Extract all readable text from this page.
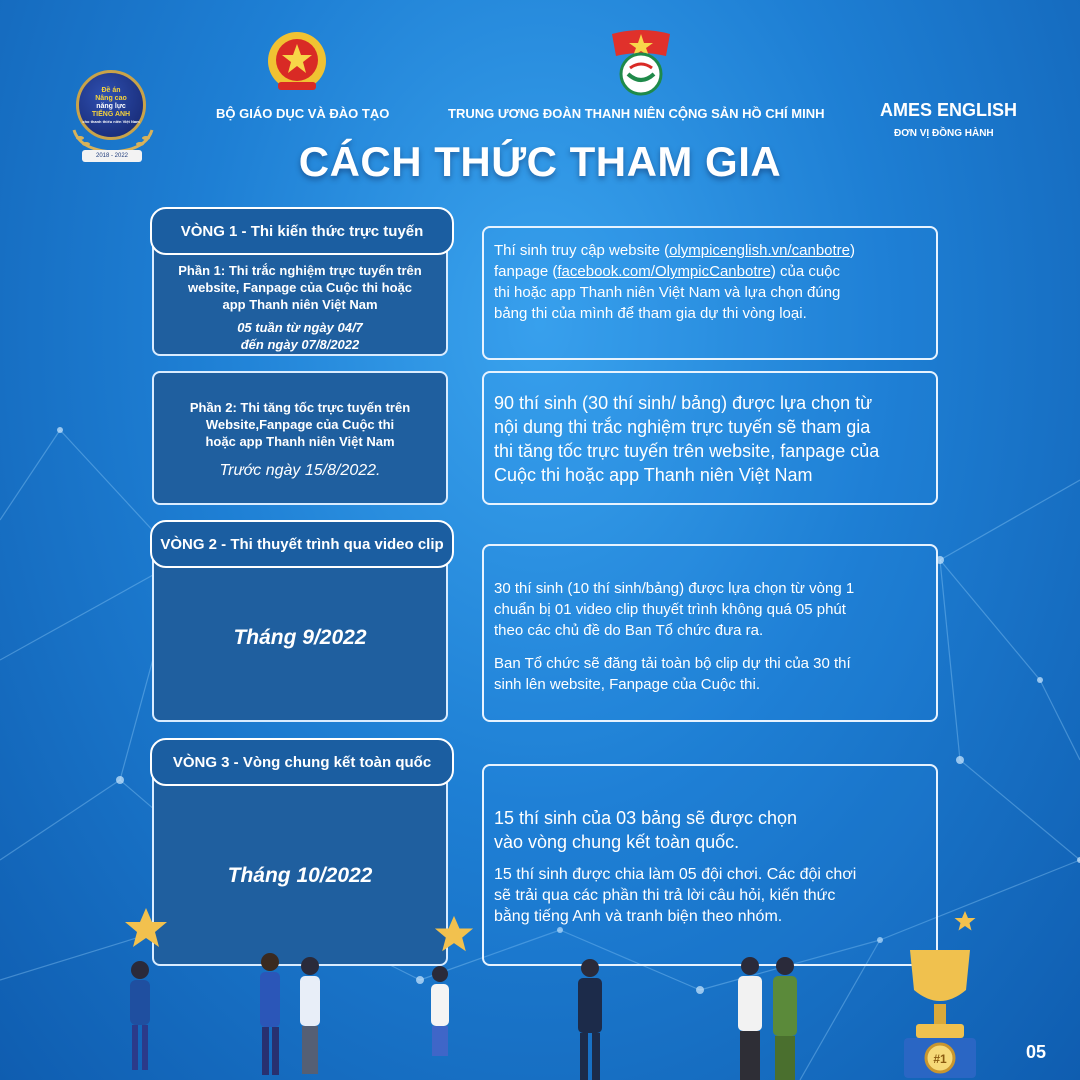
Đề án
Nâng cao
năng lực
TIẾNG ANH
cho thanh thiếu niên Việt Nam
2018 - 2022
BỘ GIÁO DỤC VÀ ĐÀO TẠO	TRUNG ƯƠNG ĐOÀN THANH NIÊN CỘNG SẢN HỒ CHÍ MINH	AMES ENGLISH
ĐƠN VỊ ĐỒNG HÀNH
CÁCH THỨC THAM GIA
Phần 1: Thi trắc nghiệm trực tuyến trên
website, Fanpage của Cuộc thi hoặc
app Thanh niên Việt Nam
05 tuần từ ngày 04/7
đến ngày 07/8/2022
VÒNG 1 - Thi kiến thức trực tuyến

Thí sinh truy cập website (olympicenglish.vn/canbotre)

fanpage (facebook.com/OlympicCanbotre) của cuộc

thi hoặc app Thanh niên Việt Nam và lựa chọn đúng

bảng thi của mình để tham gia dự thi vòng loại.

Phần 2: Thi tăng tốc trực tuyến trên
Website,Fanpage của Cuộc thi
hoặc app Thanh niên Việt Nam
Trước ngày 15/8/2022.

90 thí sinh (30 thí sinh/ bảng) được lựa chọn từ

nội dung thi trắc nghiệm trực tuyến sẽ tham gia

thi tăng tốc trực tuyến trên website, fanpage của

Cuộc thi hoặc app Thanh niên Việt Nam

Tháng 9/2022
VÒNG 2 - Thi thuyết trình qua video clip

30 thí sinh (10 thí sinh/bảng) được lựa chọn từ vòng 1

chuẩn bị 01 video clip thuyết trình không quá 05 phút

theo các chủ đề do Ban Tổ chức đưa ra.

Ban Tổ chức sẽ đăng tải toàn bộ clip dự thi của 30 thí

sinh lên website, Fanpage của Cuộc thi.

Tháng 10/2022
VÒNG 3 - Vòng chung kết toàn quốc

15 thí sinh của 03 bảng sẽ được chọn

vào vòng chung kết toàn quốc.

15 thí sinh được chia làm 05 đội chơi. Các đội chơi

sẽ trải qua các phần thi trả lời câu hỏi, kiến thức

bằng tiếng Anh và tranh biện theo nhóm.

#1	05
